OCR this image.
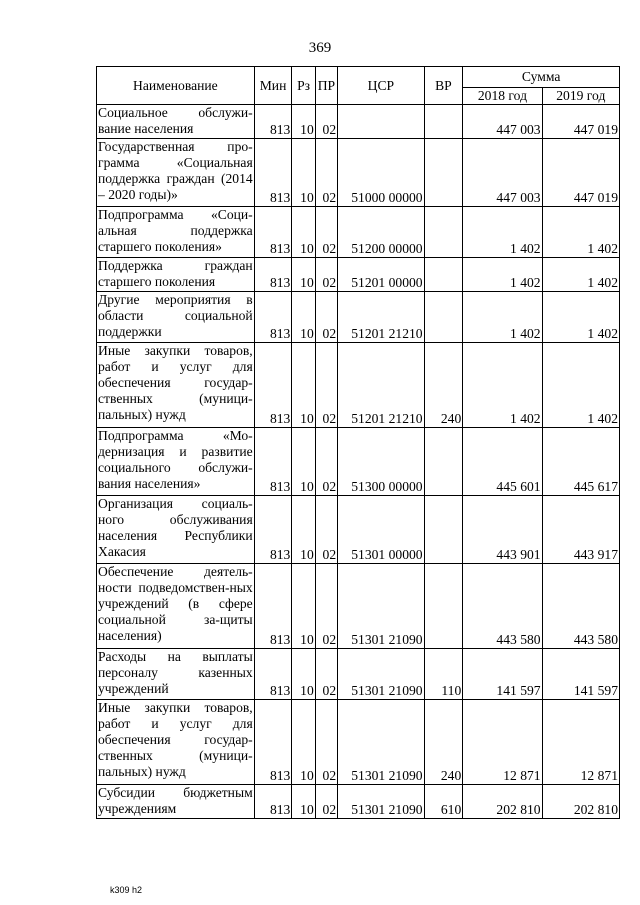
369
Наименование	Мин	Рз	ПР	ЦСР	ВР	Сумма	
						2018 год	2019 год
Социальное обслужи-вание населения	813	10	02			447 003	447 019
Государственная про-грамма «Социальная поддержка граждан (2014 – 2020 годы)»	813	10	02	51000 00000		447 003	447 019
Подпрограмма «Соци-альная поддержка старшего поколения»	813	10	02	51200 00000		1 402	1 402
Поддержка граждан старшего поколения	813	10	02	51201 00000		1 402	1 402
Другие мероприятия в области социальной поддержки	813	10	02	51201 21210		1 402	1 402
Иные закупки товаров, работ и услуг для обеспечения государ-ственных (муници-пальных) нужд	813	10	02	51201 21210	240	1 402	1 402
Подпрограмма «Мо-дернизация и развитие социального обслужи-вания населения»	813	10	02	51300 00000		445 601	445 617
Организация социаль-ного обслуживания населения Республики Хакасия	813	10	02	51301 00000		443 901	443 917
Обеспечение деятель-ности подведомствен-ных учреждений (в сфере социальной за-щиты населения)	813	10	02	51301 21090		443 580	443 580
Расходы на выплаты персоналу казенных учреждений	813	10	02	51301 21090	110	141 597	141 597
Иные закупки товаров, работ и услуг для обеспечения государ-ственных (муници-пальных) нужд	813	10	02	51301 21090	240	12 871	12 871
Субсидии бюджетным учреждениям	813	10	02	51301 21090	610	202 810	202 810
k309 h2
